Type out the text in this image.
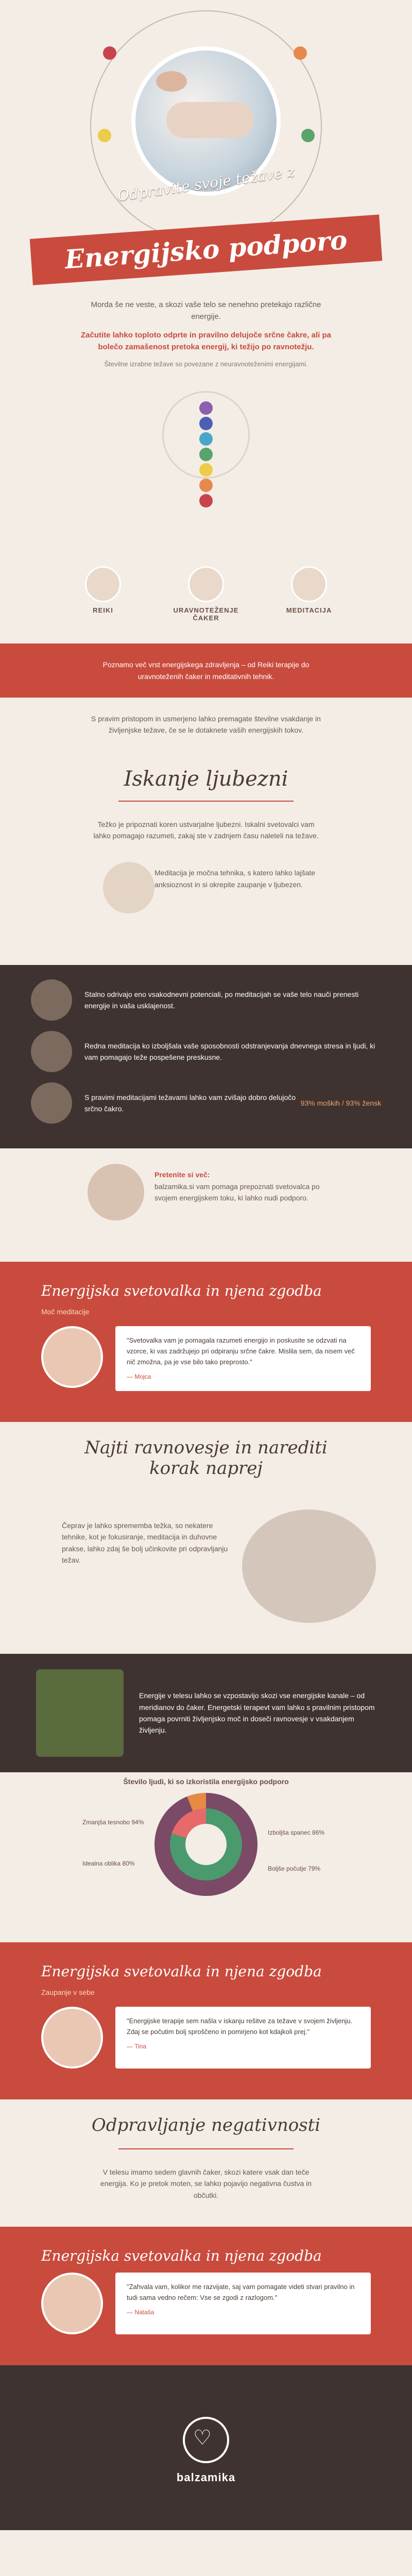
Odpravite svoje težave z
Energijsko podporo

Morda še ne veste, a skozi vaše telo se nenehno pretekajo različne energije.

Začutite lahko toploto odprte in pravilno delujoče srčne čakre, ali pa bolečo zamašenost pretoka energij, ki težijo po ravnotežju.

Številne izrabne težave so povezane z neuravnoteženimi energijami.

REIKI	URAVNOTEŽENJE ČAKER
MEDITACIJA
Poznamo več vrst energijskega zdravljenja – od Reiki terapije do uravnoteženih čaker in meditativnih tehnik.
S pravim pristopom in usmerjeno lahko premagate številne vsakdanje in življenjske težave, če se le dotaknete vaših energijskih tokov.
Iskanje ljubezni
Težko je pripoznati koren ustvarjalne ljubezni. Iskalni svetovalci vam lahko pomagajo razumeti, zakaj ste v zadnjem času naleteli na težave.
Meditacija je močna tehnika, s katero lahko lajšate anksioznost in si okrepite zaupanje v ljubezen.
Stalno odrivajo eno vsakodnevni potenciali, po meditacijah se vaše telo nauči prenesti energije in vaša usklajenost.
Redna meditacija ko izboljšala vaše sposobnosti odstranjevanja dnevnega stresa in ljudi, ki vam pomagajo teže pospešene preskusne.
S pravimi meditacijami težavami lahko vam zvišajo dobro delujočo srčno čakro.
93% moških / 93% žensk
Pretenite si več:
balzamika.si vam pomaga prepoznati svetovalca po svojem energijskem toku, ki lahko nudi podporo.
Energijska svetovalka in njena zgodba
Moč meditacije
"Svetovalka vam je pomagala razumeti energijo in poskusite se odzvati na vzorce, ki vas zadržujejo pri odpiranju srčne čakre. Mislila sem, da nisem več nič zmožna, pa je vse bilo tako preprosto."
— Mojca
Najti ravnovesje in narediti korak naprej
Čeprav je lahko sprememba težka, so nekatere tehnike, kot je fokusiranje, meditacija in duhovne prakse, lahko zdaj še bolj učinkovite pri odpravljanju težav.
Energije v telesu lahko se vzpostavijo skozi vse energijske kanale – od meridianov do čaker. Energetski terapevt vam lahko s pravilnim pristopom pomaga povrniti življenjsko moč in doseči ravnovesje v vsakdanjem življenju.
Število ljudi, ki so izkoristila energijsko podporo
Zmanjša tesnobo 94%
Idealna oblika 80%
Izboljša spanec 86%
Boljše počutje 79%
Energijska svetovalka in njena zgodba
Zaupanje v sebe
"Energijske terapije sem našla v iskanju rešitve za težave v svojem življenju. Zdaj se počutim bolj sproščeno in pomirjeno kot kdajkoli prej."
— Tina
Odpravljanje negativnosti
V telesu imamo sedem glavnih čaker, skozi katere vsak dan teče energija. Ko je pretok moten, se lahko pojavijo negativna čustva in občutki.
Energijska svetovalka in njena zgodba
"Zahvala vam, kolikor me razvijate, saj vam pomagate videti stvari pravilno in tudi sama vedno rečem: Vse se zgodi z razlogom."
— Nataša
♡
balzamika
